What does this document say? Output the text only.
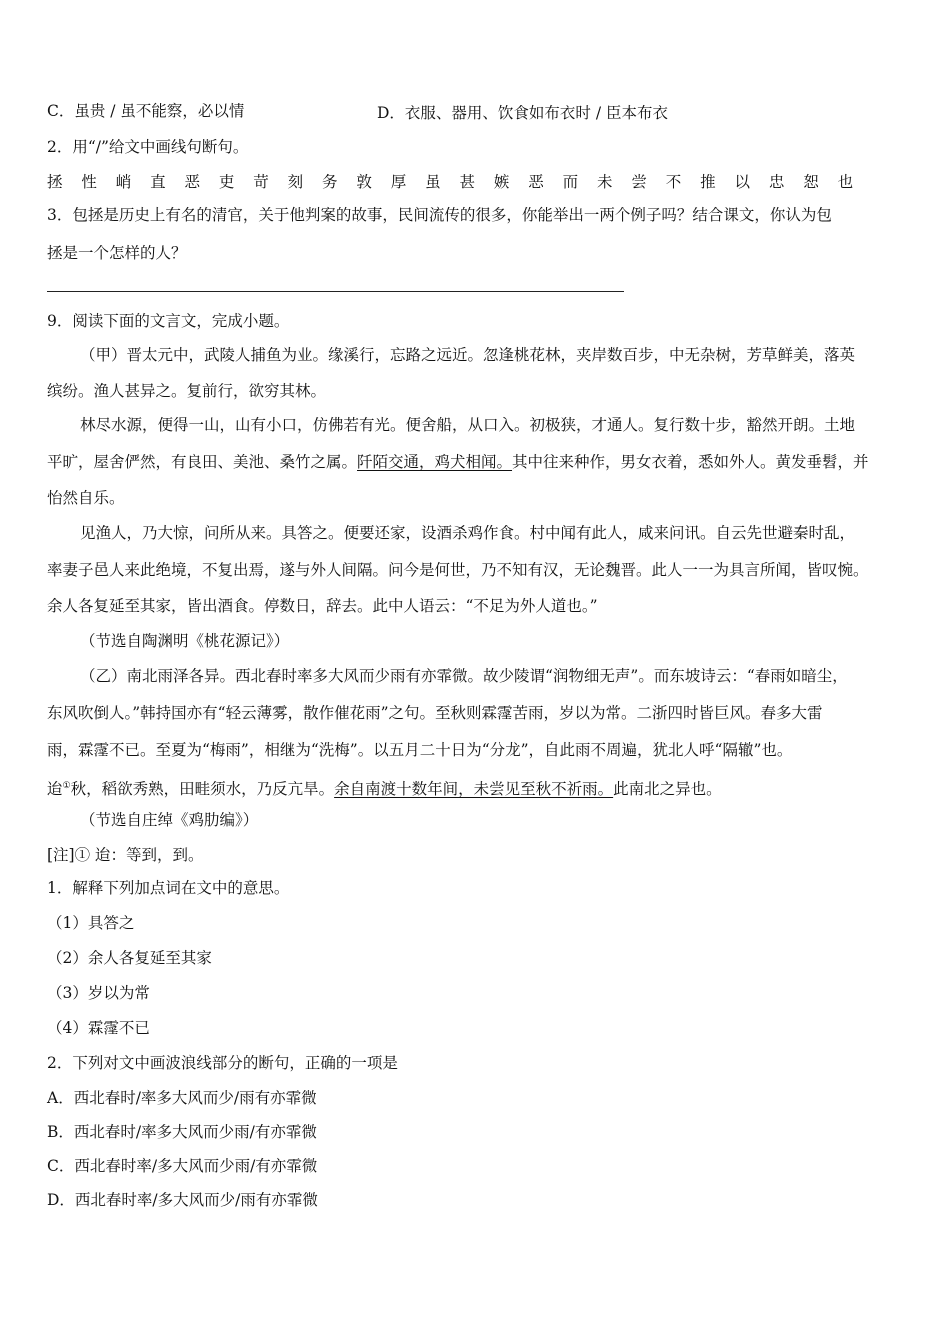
C．虽贵 / 虽不能察，必以情	D．衣服、器用、饮食如布衣时 / 臣本布衣
2．用“/”给文中画线句断句。
拯 性 峭 直 恶 吏 苛 刻 务 敦 厚 虽 甚 嫉 恶 而 未 尝 不 推 以 忠 恕 也
3．包拯是历史上有名的清官，关于他判案的故事，民间流传的很多，你能举出一两个例子吗？结合课文，你认为包
拯是一个怎样的人？
9．阅读下面的文言文，完成小题。
（甲）晋太元中，武陵人捕鱼为业。缘溪行，忘路之远近。忽逢桃花林，夹岸数百步，中无杂树，芳草鲜美，落英
缤纷。渔人甚异之。复前行，欲穷其林。
林尽水源，便得一山，山有小口，仿佛若有光。便舍船，从口入。初极狭，才通人。复行数十步，豁然开朗。土地
平旷，屋舍俨然，有良田、美池、桑竹之属。阡陌交通，鸡犬相闻。其中往来种作，男女衣着，悉如外人。黄发垂髫，并
怡然自乐。
见渔人，乃大惊，问所从来。具答之。便要还家，设酒杀鸡作食。村中闻有此人，咸来问讯。自云先世避秦时乱，
率妻子邑人来此绝境，不复出焉，遂与外人间隔。问今是何世，乃不知有汉，无论魏晋。此人一一为具言所闻，皆叹惋。
余人各复延至其家，皆出酒食。停数日，辞去。此中人语云：“不足为外人道也。”
（节选自陶渊明《桃花源记》）
（乙）南北雨泽各异。西北春时率多大风而少雨有亦霏微。故少陵谓“润物细无声”。而东坡诗云：“春雨如暗尘，
东风吹倒人。”韩持国亦有“轻云薄雾，散作催花雨”之句。至秋则霖霪苦雨，岁以为常。二浙四时皆巨风。春多大雷
雨，霖霪不已。至夏为“梅雨”，相继为“洗梅”。以五月二十日为“分龙”，自此雨不周遍，犹北人呼“隔辙”也。
迨①秋，稻欲秀熟，田畦须水，乃反亢旱。余自南渡十数年间，未尝见至秋不祈雨。此南北之异也。
（节选自庄绰《鸡肋编》）
[注]① 迨：等到，到。
1．解释下列加点词在文中的意思。
（1）具答之
（2）余人各复延至其家
（3）岁以为常
（4）霖霪不已
2．下列对文中画波浪线部分的断句，正确的一项是
A．西北春时/率多大风而少/雨有亦霏微
B．西北春时/率多大风而少雨/有亦霏微
C．西北春时率/多大风而少雨/有亦霏微
D．西北春时率/多大风而少/雨有亦霏微
